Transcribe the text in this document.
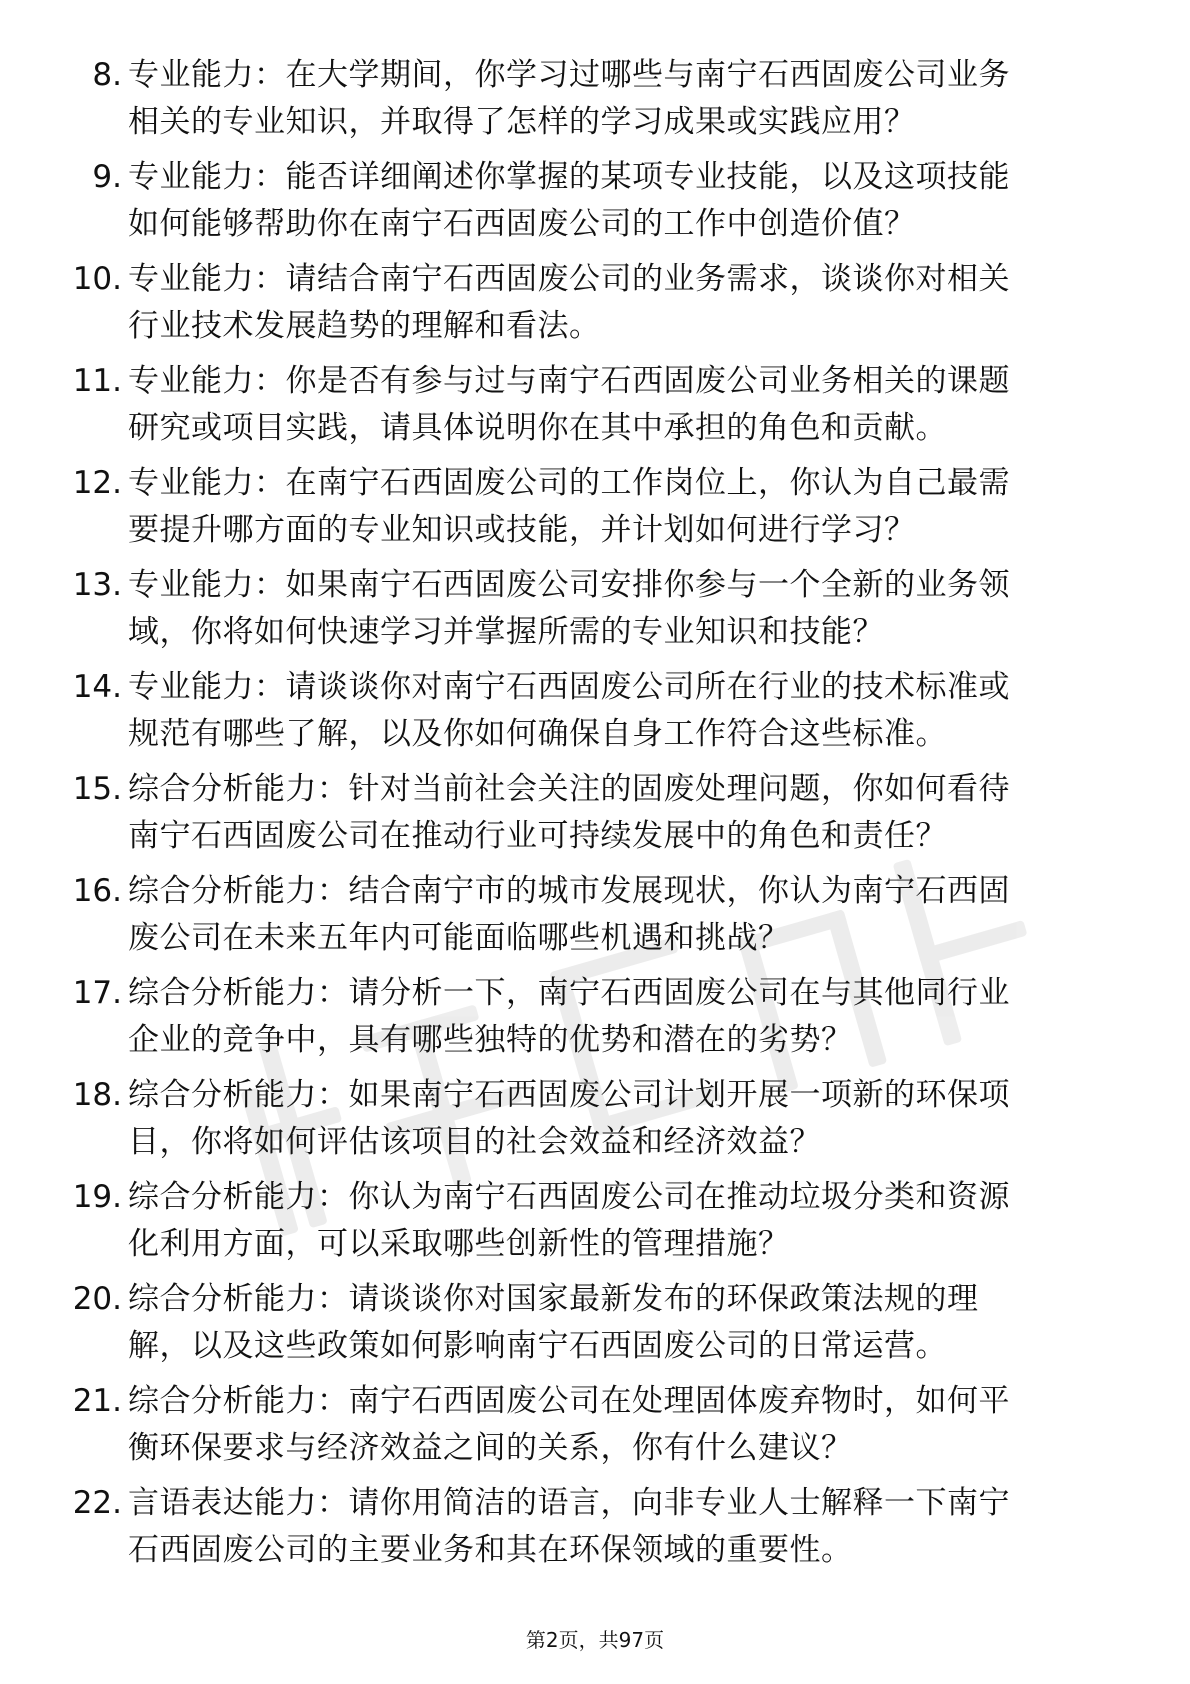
8. 专业能力：在大学期间，你学习过哪些与南宁石西固废公司业务
相关的专业知识，并取得了怎样的学习成果或实践应用？
9. 专业能力：能否详细阐述你掌握的某项专业技能，以及这项技能
如何能够帮助你在南宁石西固废公司的工作中创造价值？
10. 专业能力：请结合南宁石西固废公司的业务需求，谈谈你对相关
行业技术发展趋势的理解和看法。
11. 专业能力：你是否有参与过与南宁石西固废公司业务相关的课题
研究或项目实践，请具体说明你在其中承担的角色和贡献。
12. 专业能力：在南宁石西固废公司的工作岗位上，你认为自己最需
要提升哪方面的专业知识或技能，并计划如何进行学习？
13. 专业能力：如果南宁石西固废公司安排你参与一个全新的业务领
域，你将如何快速学习并掌握所需的专业知识和技能？
14. 专业能力：请谈谈你对南宁石西固废公司所在行业的技术标准或
规范有哪些了解，以及你如何确保自身工作符合这些标准。
15. 综合分析能力：针对当前社会关注的固废处理问题，你如何看待
南宁石西固废公司在推动行业可持续发展中的角色和责任？
16. 综合分析能力：结合南宁市的城市发展现状，你认为南宁石西固
废公司在未来五年内可能面临哪些机遇和挑战？
17. 综合分析能力：请分析一下，南宁石西固废公司在与其他同行业
企业的竞争中，具有哪些独特的优势和潜在的劣势？
18. 综合分析能力：如果南宁石西固废公司计划开展一项新的环保项
目，你将如何评估该项目的社会效益和经济效益？
19. 综合分析能力：你认为南宁石西固废公司在推动垃圾分类和资源
化利用方面，可以采取哪些创新性的管理措施？
20. 综合分析能力：请谈谈你对国家最新发布的环保政策法规的理
解，以及这些政策如何影响南宁石西固废公司的日常运营。
21. 综合分析能力：南宁石西固废公司在处理固体废弃物时，如何平
衡环保要求与经济效益之间的关系，你有什么建议？
22. 言语表达能力：请你用简洁的语言，向非专业人士解释一下南宁
石西固废公司的主要业务和其在环保领域的重要性。
第2页，共97页
